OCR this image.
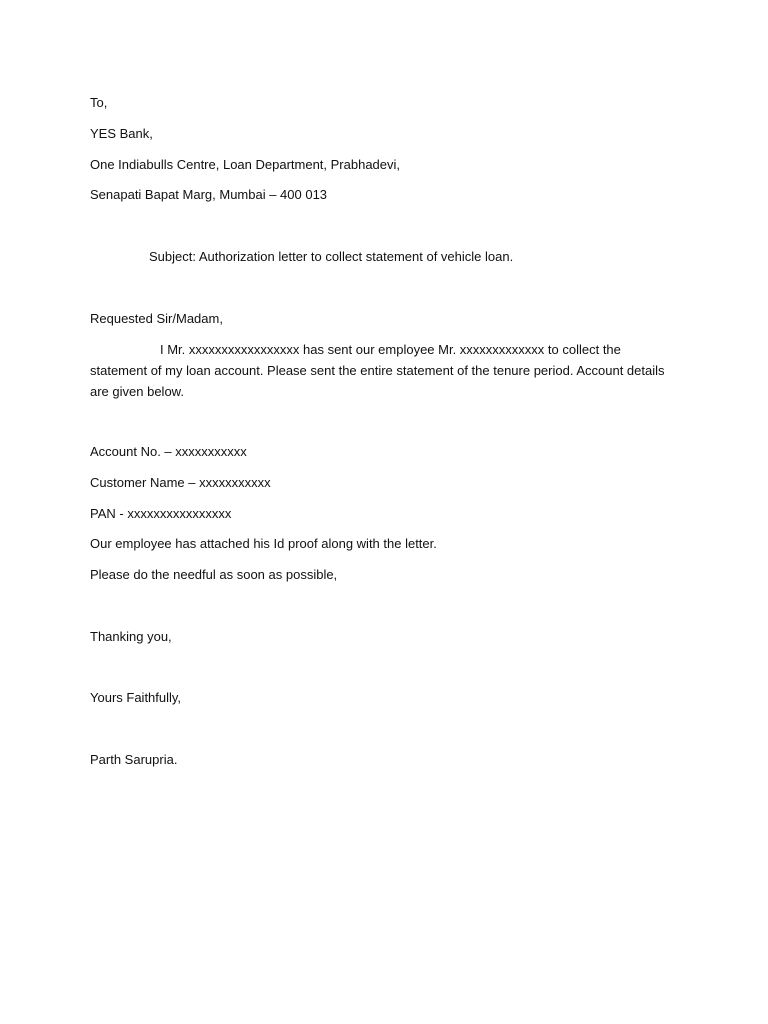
To,
YES Bank,
One Indiabulls Centre, Loan Department, Prabhadevi,
Senapati Bapat Marg, Mumbai – 400 013
Subject: Authorization letter to collect statement of vehicle loan.
Requested Sir/Madam,
I Mr. xxxxxxxxxxxxxxxxx has sent our employee Mr. xxxxxxxxxxxxx to collect the statement of my loan account. Please sent the entire statement of the tenure period. Account details are given below.
Account No. – xxxxxxxxxxx
Customer Name – xxxxxxxxxxx
PAN - xxxxxxxxxxxxxxxx
Our employee has attached his Id proof along with the letter.
Please do the needful as soon as possible,
Thanking you,
Yours Faithfully,
Parth Sarupria.
